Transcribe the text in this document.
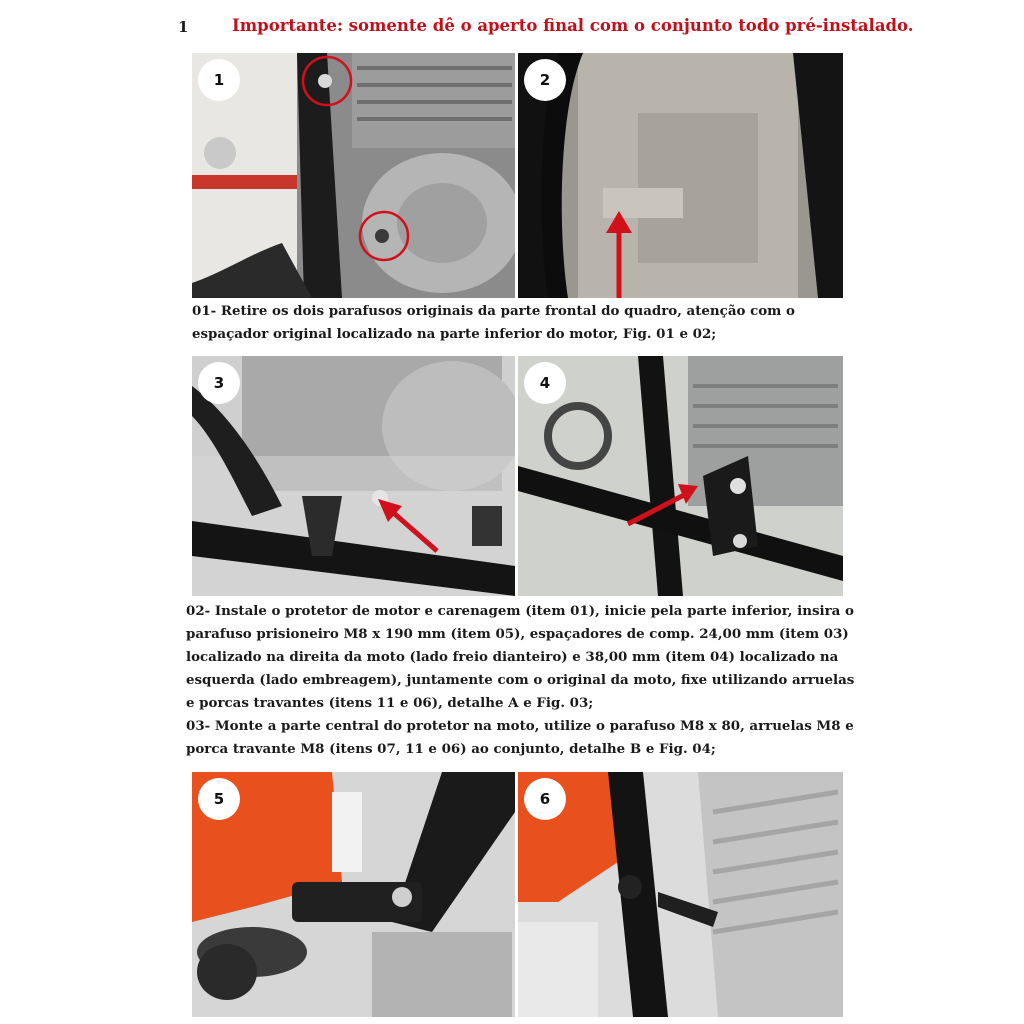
1	Importante: somente dê o aperto final com o conjunto todo pré-instalado.
1	2

01- Retire os dois parafusos originais da parte frontal do quadro, atenção com o

espaçador original localizado na parte inferior do motor, Fig. 01 e 02;

3	4

02- Instale o protetor de motor e carenagem (item 01), inicie pela parte inferior, insira o

parafuso prisioneiro M8 x 190 mm (item 05), espaçadores de comp. 24,00 mm (item 03)

localizado na direita da moto (lado freio dianteiro) e 38,00 mm (item 04) localizado na

esquerda (lado embreagem), juntamente com o original da moto, fixe utilizando arruelas

e porcas travantes (itens 11 e 06), detalhe A e Fig. 03;

03- Monte a parte central do protetor na moto, utilize o parafuso M8 x 80, arruelas M8 e

porca travante M8 (itens 07, 11 e 06) ao conjunto, detalhe B e Fig. 04;

5	6
